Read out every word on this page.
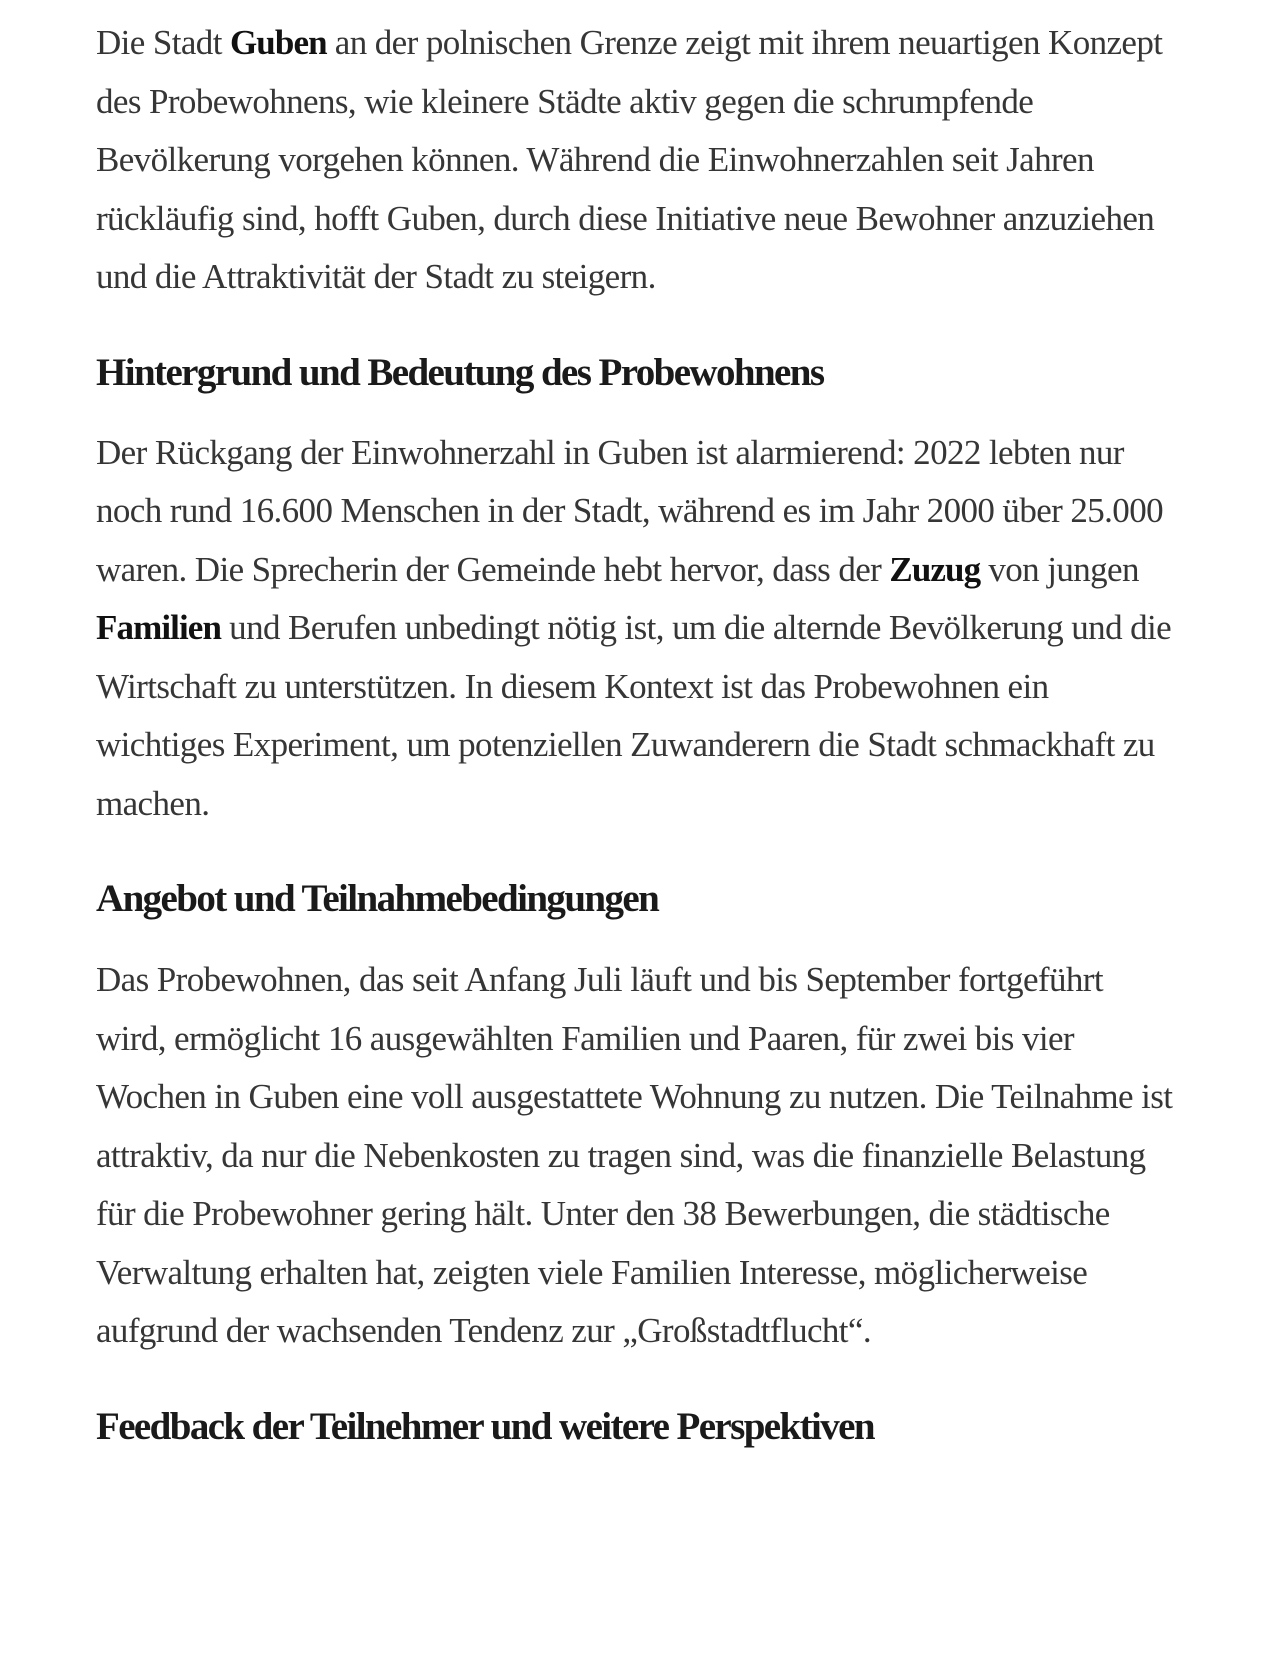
Die Stadt Guben an der polnischen Grenze zeigt mit ihrem neuartigen Konzept des Probewohnens, wie kleinere Städte aktiv gegen die schrumpfende Bevölkerung vorgehen können. Während die Einwohnerzahlen seit Jahren rückläufig sind, hofft Guben, durch diese Initiative neue Bewohner anzuziehen und die Attraktivität der Stadt zu steigern.

Hintergrund und Bedeutung des Probewohnens

Der Rückgang der Einwohnerzahl in Guben ist alarmierend: 2022 lebten nur noch rund 16.600 Menschen in der Stadt, während es im Jahr 2000 über 25.000 waren. Die Sprecherin der Gemeinde hebt hervor, dass der Zuzug von jungen Familien und Berufen unbedingt nötig ist, um die alternde Bevölkerung und die Wirtschaft zu unterstützen. In diesem Kontext ist das Probewohnen ein wichtiges Experiment, um potenziellen Zuwanderern die Stadt schmackhaft zu machen.

Angebot und Teilnahmebedingungen

Das Probewohnen, das seit Anfang Juli läuft und bis September fortgeführt wird, ermöglicht 16 ausgewählten Familien und Paaren, für zwei bis vier Wochen in Guben eine voll ausgestattete Wohnung zu nutzen. Die Teilnahme ist attraktiv, da nur die Nebenkosten zu tragen sind, was die finanzielle Belastung für die Probewohner gering hält. Unter den 38 Bewerbungen, die städtische Verwaltung erhalten hat, zeigten viele Familien Interesse, möglicherweise aufgrund der wachsenden Tendenz zur „Großstadtflucht“.

Feedback der Teilnehmer und weitere Perspektiven
